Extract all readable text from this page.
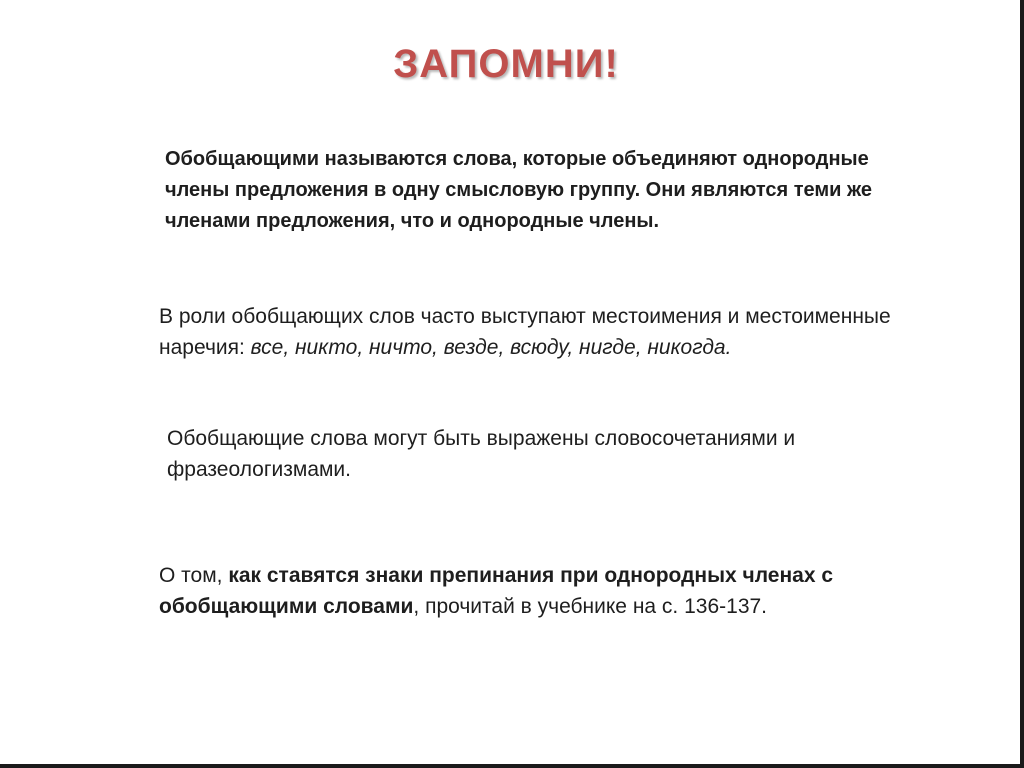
ЗАПОМНИ!

Обобщающими называются слова, которые объединяют однородные члены предложения в одну смысловую группу. Они являются теми же членами предложения, что и однородные члены.

В роли обобщающих слов часто выступают местоимения и местоименные наречия: все, никто, ничто, везде, всюду, нигде, никогда.

Обобщающие слова могут быть выражены словосочетаниями и фразеологизмами.

О том, как ставятся знаки препинания при однородных членах с обобщающими словами, прочитай в учебнике на с. 136-137.
